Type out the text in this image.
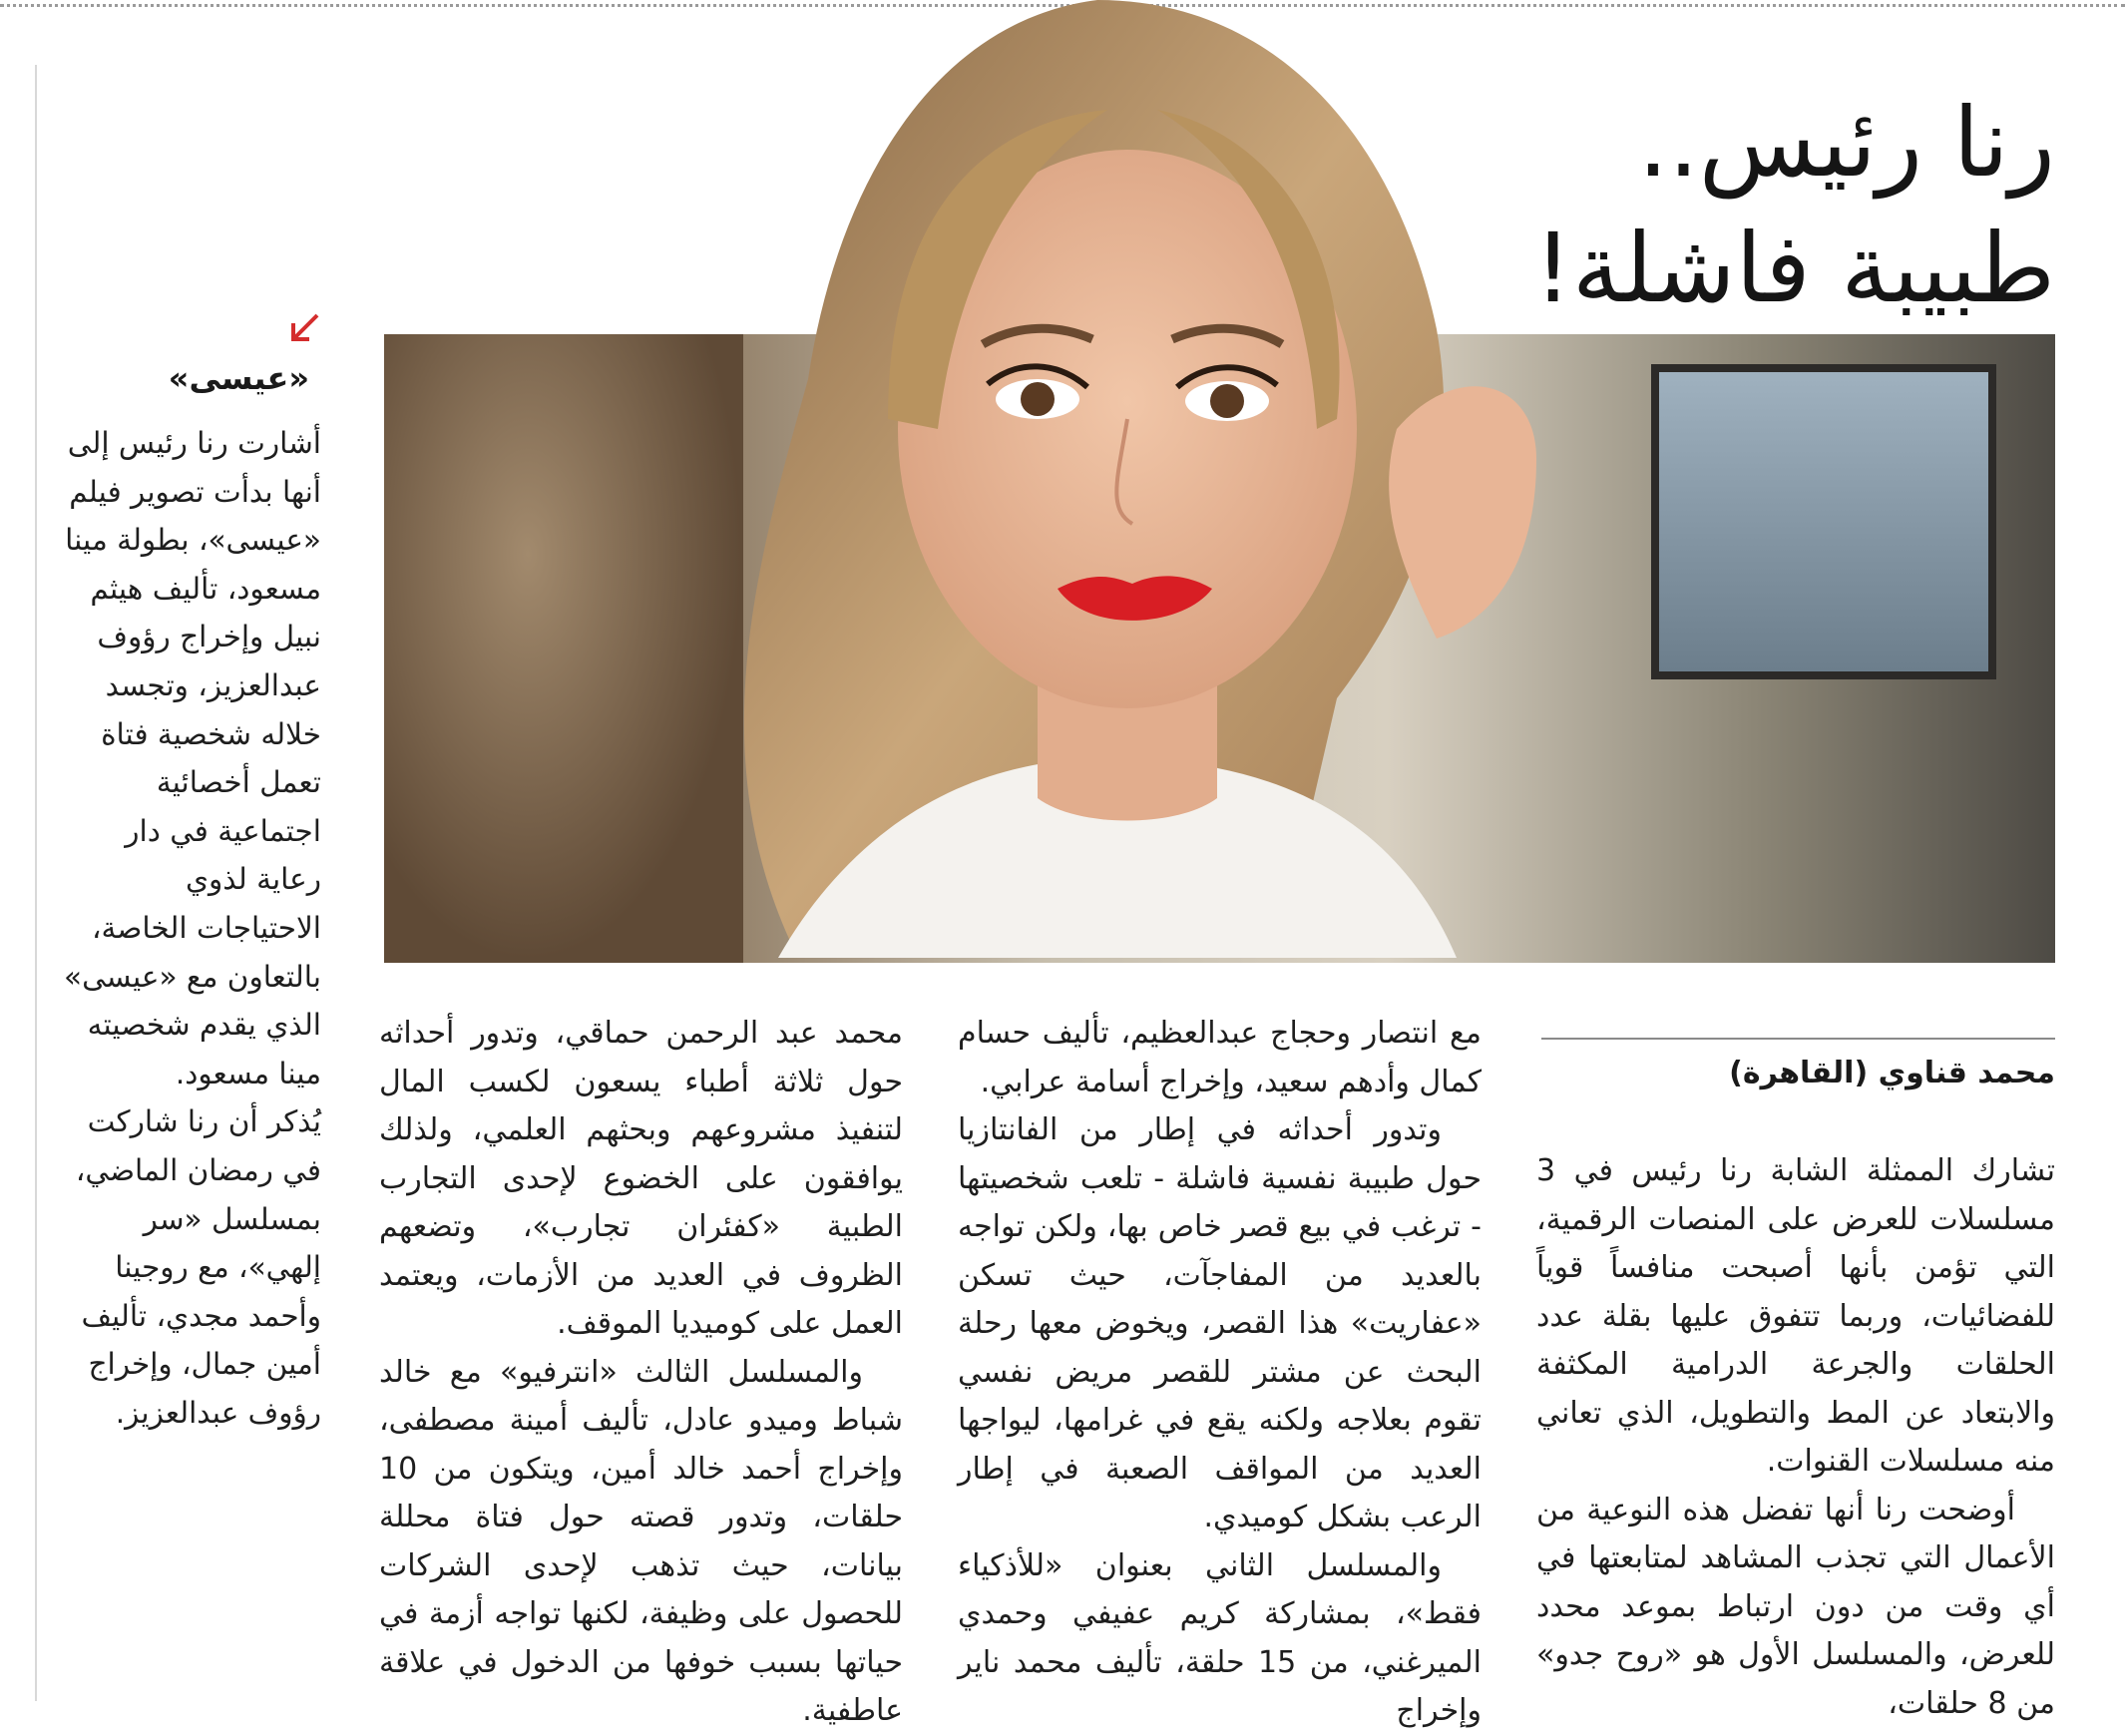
رنا رئيس..
طبيبة فاشلة!
محمد قناوي (القاهرة)

تشارك الممثلة الشابة رنا رئيس في 3 مسلسلات للعرض على المنصات الرقمية، التي تؤمن بأنها أصبحت منافساً قوياً للفضائيات، وربما تتفوق عليها بقلة عدد الحلقات والجرعة الدرامية المكثفة والابتعاد عن المط والتطويل، الذي تعاني منه مسلسلات القنوات.

أوضحت رنا أنها تفضل هذه النوعية من الأعمال التي تجذب المشاهد لمتابعتها في أي وقت من دون ارتباط بموعد محدد للعرض، والمسلسل الأول هو «روح جدو» من 8 حلقات،

مع انتصار وحجاج عبدالعظيم، تأليف حسام كمال وأدهم سعيد، وإخراج أسامة عرابي.

وتدور أحداثه في إطار من الفانتازيا حول طبيبة نفسية فاشلة - تلعب شخصيتها - ترغب في بيع قصر خاص بها، ولكن تواجه بالعديد من المفاجآت، حيث تسكن «عفاريت» هذا القصر، ويخوض معها رحلة البحث عن مشتر للقصر مريض نفسي تقوم بعلاجه ولكنه يقع في غرامها، ليواجها العديد من المواقف الصعبة في إطار الرعب بشكل كوميدي.

والمسلسل الثاني بعنوان «للأذكياء فقط»، بمشاركة كريم عفيفي وحمدي الميرغني، من 15 حلقة، تأليف محمد ناير وإخراج

محمد عبد الرحمن حماقي، وتدور أحداثه حول ثلاثة أطباء يسعون لكسب المال لتنفيذ مشروعهم وبحثهم العلمي، ولذلك يوافقون على الخضوع لإحدى التجارب الطبية «كفئران تجارب»، وتضعهم الظروف في العديد من الأزمات، ويعتمد العمل على كوميديا الموقف.

والمسلسل الثالث «انترفيو» مع خالد شباط وميدو عادل، تأليف أمينة مصطفى، وإخراج أحمد خالد أمين، ويتكون من 10 حلقات، وتدور قصته حول فتاة محللة بيانات، حيث تذهب لإحدى الشركات للحصول على وظيفة، لكنها تواجه أزمة في حياتها بسبب خوفها من الدخول في علاقة عاطفية.

«عيسى»

أشارت رنا رئيس إلى أنها بدأت تصوير فيلم «عيسى»، بطولة مينا مسعود، تأليف هيثم نبيل وإخراج رؤوف عبدالعزيز، وتجسد خلاله شخصية فتاة تعمل أخصائية اجتماعية في دار رعاية لذوي الاحتياجات الخاصة، بالتعاون مع «عيسى» الذي يقدم شخصيته مينا مسعود.

يُذكر أن رنا شاركت في رمضان الماضي، بمسلسل «سر إلهي»، مع روجينا وأحمد مجدي، تأليف أمين جمال، وإخراج رؤوف عبدالعزيز.
